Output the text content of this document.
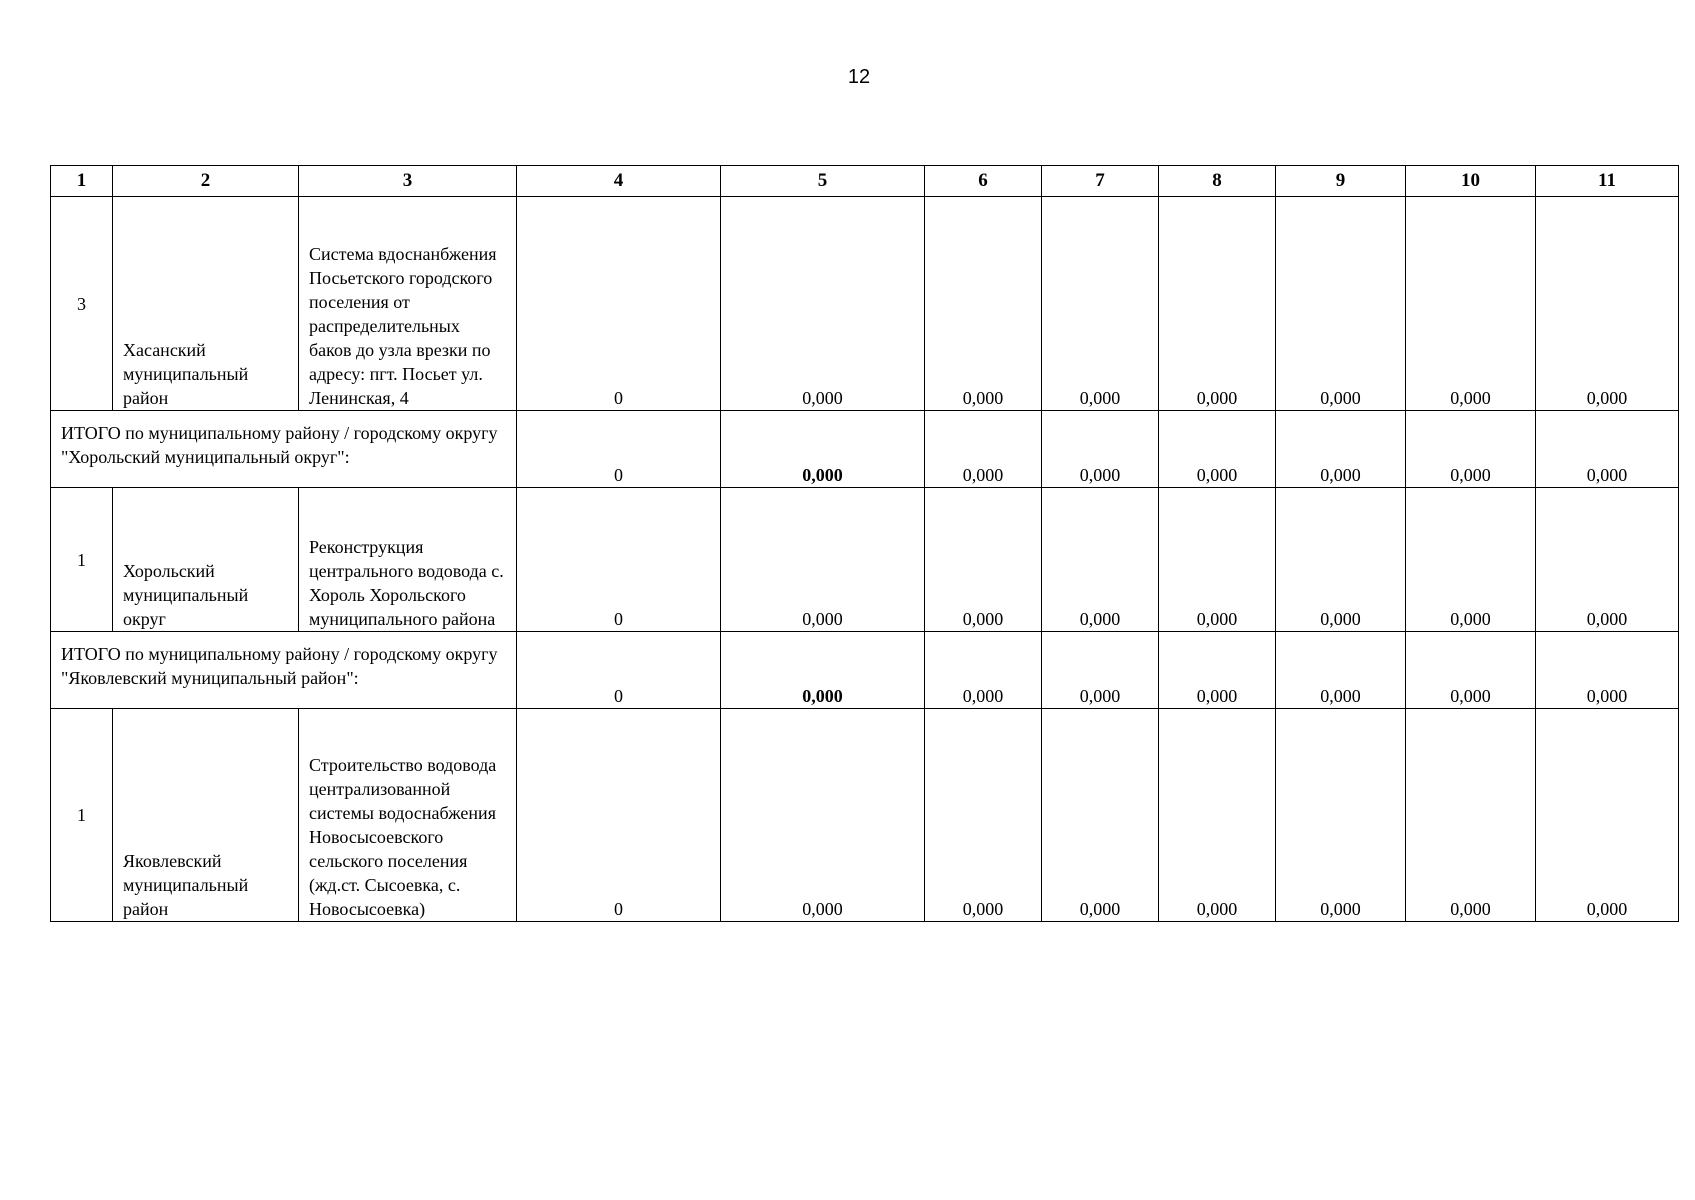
12
1	2	3	4	5	6	7	8	9	10	11
3	Хасанский муниципальный район	Система вдоснанбжения Посьетского городского поселения от распределительных баков до узла врезки по адресу: пгт. Посьет ул. Ленинская, 4	0	0,000	0,000	0,000	0,000	0,000	0,000	0,000
ИТОГО по муниципальному району / городскому округу "Хорольский муниципальный округ":			0	0,000	0,000	0,000	0,000	0,000	0,000	0,000
1	Хорольский муниципальный округ	Реконструкция центрального водовода с. Хороль Хорольского муниципального района	0	0,000	0,000	0,000	0,000	0,000	0,000	0,000
ИТОГО по муниципальному району / городскому округу "Яковлевский муниципальный район":			0	0,000	0,000	0,000	0,000	0,000	0,000	0,000
1	Яковлевский муниципальный район	Строительство водовода централизованной системы водоснабжения Новосысоевского сельского поселения (жд.ст. Сысоевка, с. Новосысоевка)	0	0,000	0,000	0,000	0,000	0,000	0,000	0,000
